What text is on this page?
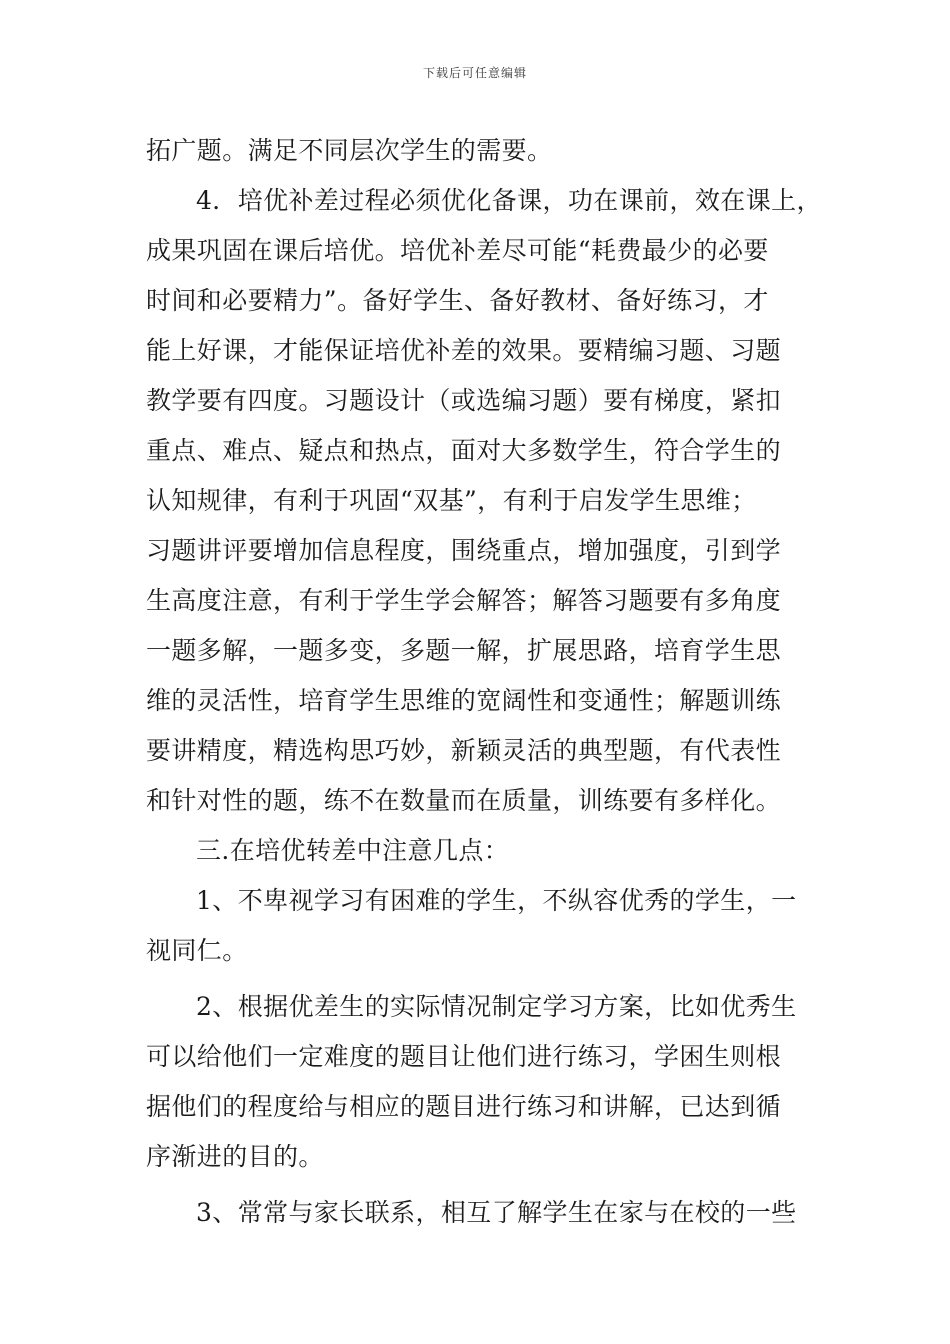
下载后可任意编辑
拓广题。满足不同层次学生的需要。
4．培优补差过程必须优化备课，功在课前，效在课上，
成果巩固在课后培优。培优补差尽可能“耗费最少的必要
时间和必要精力”。备好学生、备好教材、备好练习，才
能上好课，才能保证培优补差的效果。要精编习题、习题
教学要有四度。习题设计（或选编习题）要有梯度，紧扣
重点、难点、疑点和热点，面对大多数学生，符合学生的
认知规律，有利于巩固“双基”，有利于启发学生思维；
习题讲评要增加信息程度，围绕重点，增加强度，引到学
生高度注意，有利于学生学会解答；解答习题要有多角度
一题多解，一题多变，多题一解，扩展思路，培育学生思
维的灵活性，培育学生思维的宽阔性和变通性；解题训练
要讲精度，精选构思巧妙，新颖灵活的典型题，有代表性
和针对性的题，练不在数量而在质量，训练要有多样化。
三.在培优转差中注意几点：
1、不卑视学习有困难的学生，不纵容优秀的学生，一
视同仁。
2、根据优差生的实际情况制定学习方案，比如优秀生
可以给他们一定难度的题目让他们进行练习，学困生则根
据他们的程度给与相应的题目进行练习和讲解，已达到循
序渐进的目的。
3、常常与家长联系，相互了解学生在家与在校的一些
